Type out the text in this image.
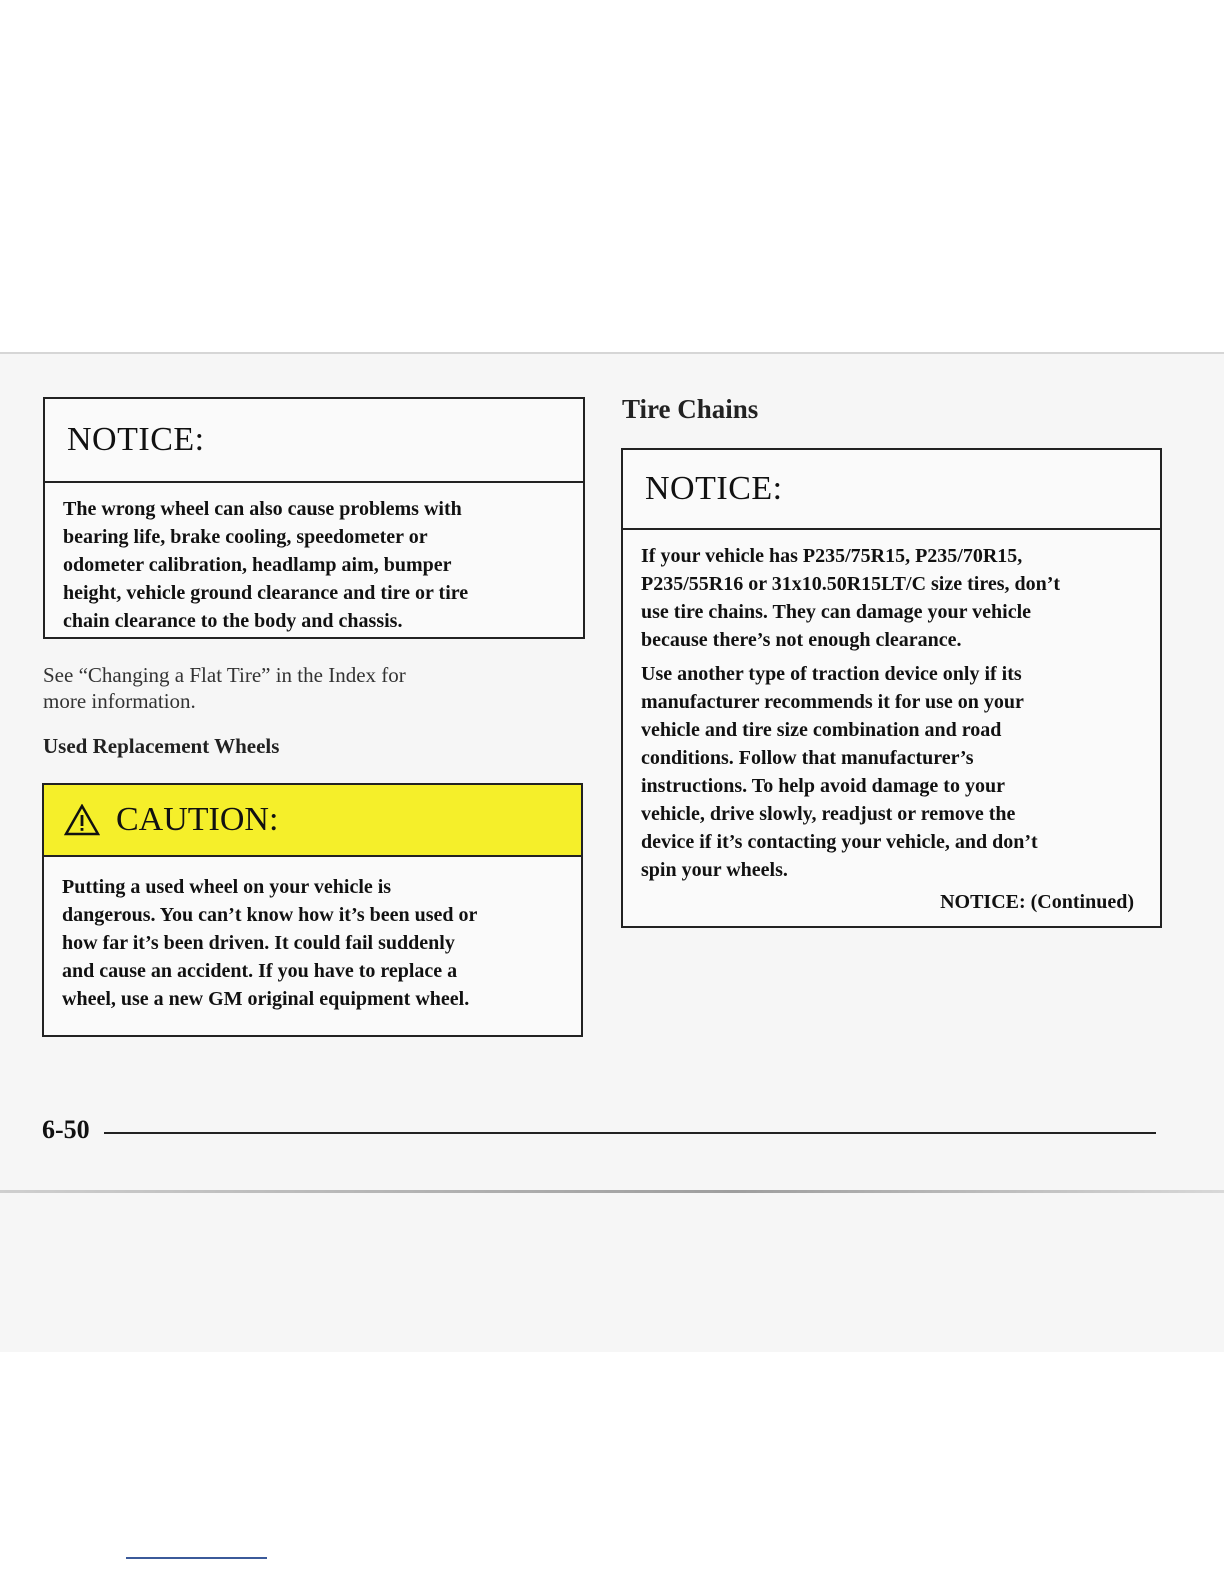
NOTICE:
The wrong wheel can also cause problems with
bearing life, brake cooling, speedometer or
odometer calibration, headlamp aim, bumper
height, vehicle ground clearance and tire or tire
chain clearance to the body and chassis.
See “Changing a Flat Tire” in the Index for
more information.
Used Replacement Wheels
CAUTION:
Putting a used wheel on your vehicle is
dangerous. You can’t know how it’s been used or
how far it’s been driven. It could fail suddenly
and cause an accident. If you have to replace a
wheel, use a new GM original equipment wheel.
Tire Chains
NOTICE:
If your vehicle has P235/75R15, P235/70R15,
P235/55R16 or 31x10.50R15LT/C size tires, don’t
use tire chains. They can damage your vehicle
because there’s not enough clearance.
Use another type of traction device only if its
manufacturer recommends it for use on your
vehicle and tire size combination and road
conditions. Follow that manufacturer’s
instructions. To help avoid damage to your
vehicle, drive slowly, readjust or remove the
device if it’s contacting your vehicle, and don’t
spin your wheels.
NOTICE: (Continued)
6-50
